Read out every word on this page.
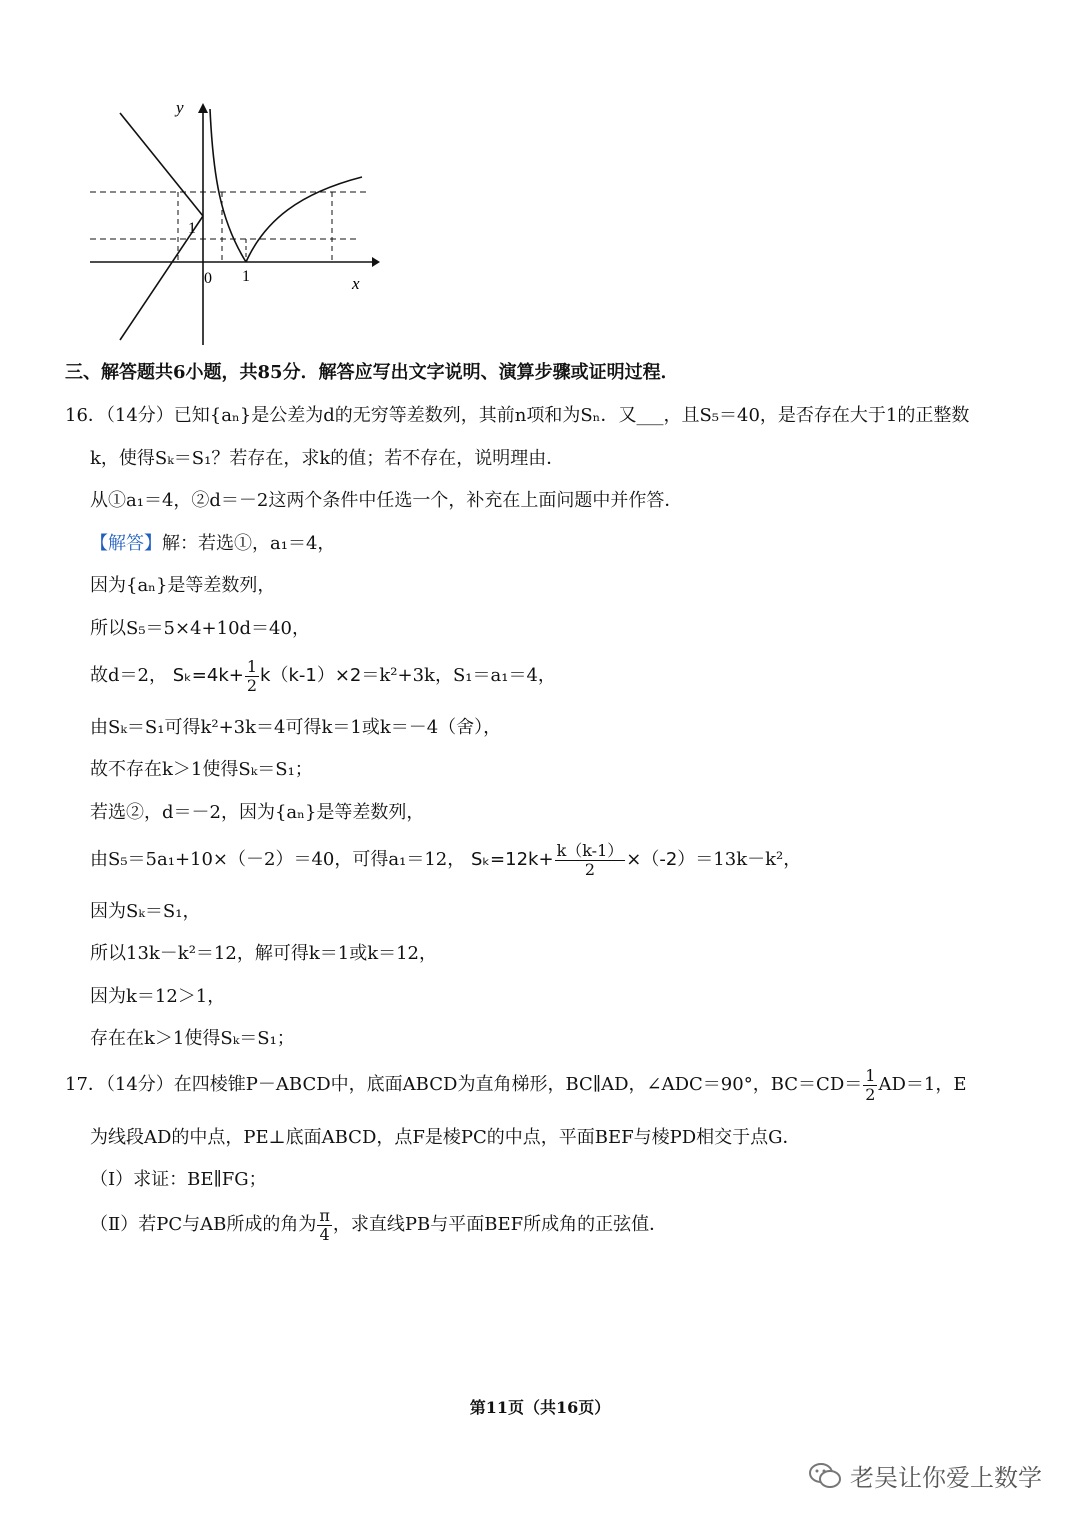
y
x
0 1
1
三、解答题共6小题，共85分．解答应写出文字说明、演算步骤或证明过程．
16．（14分）已知{aₙ}是公差为d的无穷等差数列，其前n项和为Sₙ．又___，且S₅＝40，是否存在大于1的正整数
k，使得Sₖ＝S₁？若存在，求k的值；若不存在，说明理由．
从①a₁＝4，②d＝－2这两个条件中任选一个，补充在上面问题中并作答．
【解答】解：若选①，a₁＝4，
因为{aₙ}是等差数列，
所以S₅＝5×4+10d＝40，
故d＝2， $S_k=4k+ \frac{1}{2} k(k-1)\times 2=k^2+3k$，S₁＝a₁＝4，
由Sₖ＝S₁可得k²+3k＝4可得k＝1或k＝－4（舍），
故不存在k＞1使得Sₖ＝S₁；
若选②，d＝－2，因为{aₙ}是等差数列，
由S₅＝5a₁+10×（－2）＝40，可得a₁＝12， $S_k=12k+ \frac{k(k-1)}{2} \times(-2)=13k-k^2$，
因为Sₖ＝S₁，
所以13k－k²＝12，解可得k＝1或k＝12，
因为k＝12＞1，
存在在k＞1使得Sₖ＝S₁；
17．（14分）在四棱锥P－ABCD中，底面ABCD为直角梯形，BC∥AD，∠ADC＝90°，$BC=CD= \frac{1}{2} AD=1$，E
为线段AD的中点，PE⊥底面ABCD，点F是棱PC的中点，平面BEF与棱PD相交于点G．
（Ⅰ）求证：BE∥FG；
（Ⅱ）若PC与AB所成的角为 $\frac{\pi}{4}$ ，求直线PB与平面BEF所成角的正弦值．
第11页（共16页）
老吴让你爱上数学
